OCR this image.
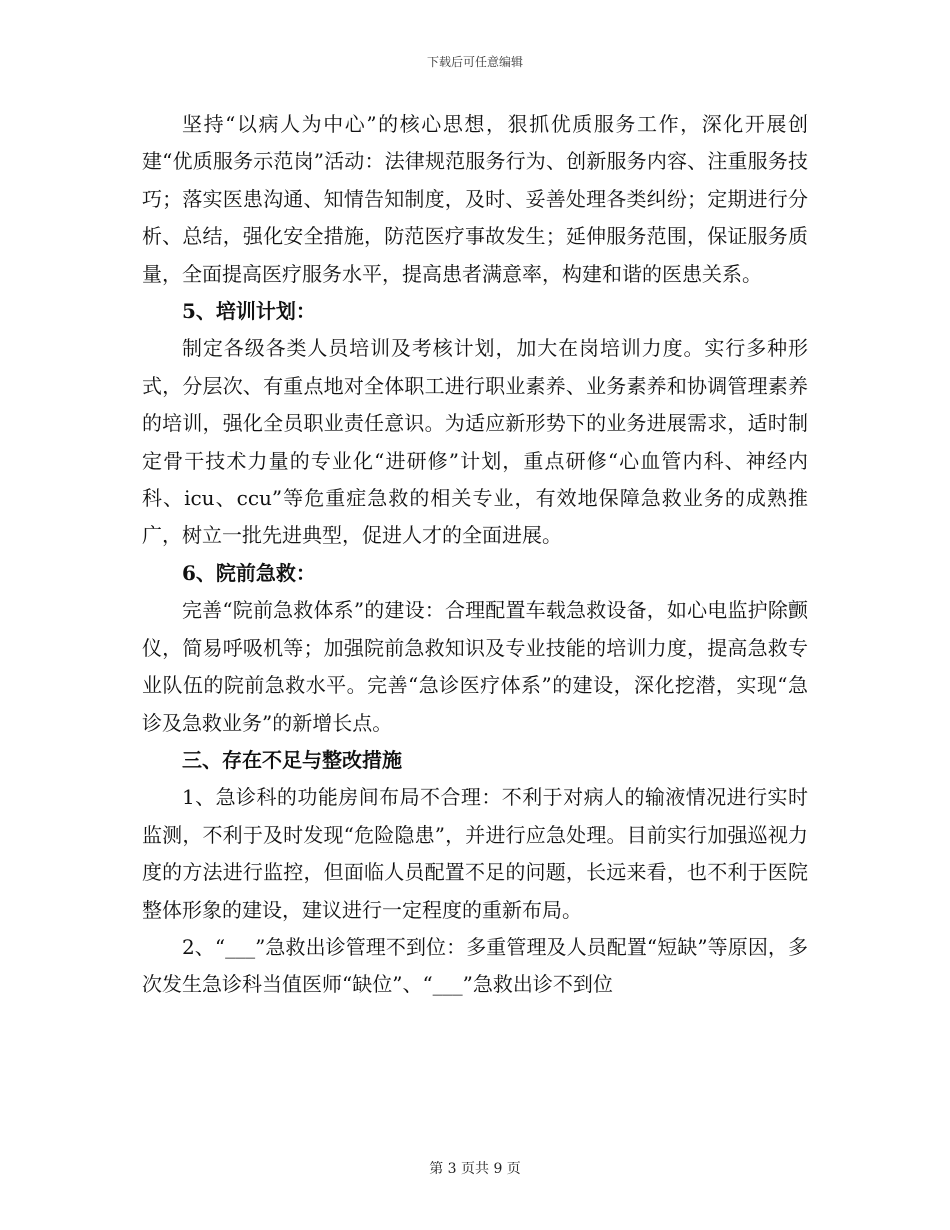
下载后可任意编辑

坚持“以病人为中心”的核心思想，狠抓优质服务工作，深化开展创建“优质服务示范岗”活动：法律规范服务行为、创新服务内容、注重服务技巧；落实医患沟通、知情告知制度，及时、妥善处理各类纠纷；定期进行分析、总结，强化安全措施，防范医疗事故发生；延伸服务范围，保证服务质量，全面提高医疗服务水平，提高患者满意率，构建和谐的医患关系。

5、培训计划：

制定各级各类人员培训及考核计划，加大在岗培训力度。实行多种形式，分层次、有重点地对全体职工进行职业素养、业务素养和协调管理素养的培训，强化全员职业责任意识。为适应新形势下的业务进展需求，适时制定骨干技术力量的专业化“进研修”计划，重点研修“心血管内科、神经内科、icu、ccu”等危重症急救的相关专业，有效地保障急救业务的成熟推广，树立一批先进典型，促进人才的全面进展。

6、院前急救：

完善“院前急救体系”的建设：合理配置车载急救设备，如心电监护除颤仪，简易呼吸机等；加强院前急救知识及专业技能的培训力度，提高急救专业队伍的院前急救水平。完善“急诊医疗体系”的建设，深化挖潜，实现“急诊及急救业务”的新增长点。

三、存在不足与整改措施

1、急诊科的功能房间布局不合理：不利于对病人的输液情况进行实时监测，不利于及时发现“危险隐患”，并进行应急处理。目前实行加强巡视力度的方法进行监控，但面临人员配置不足的问题，长远来看，也不利于医院整体形象的建设，建议进行一定程度的重新布局。

2、“___”急救出诊管理不到位：多重管理及人员配置“短缺”等原因，多次发生急诊科当值医师“缺位”、“___”急救出诊不到位

第 3 页共 9 页
